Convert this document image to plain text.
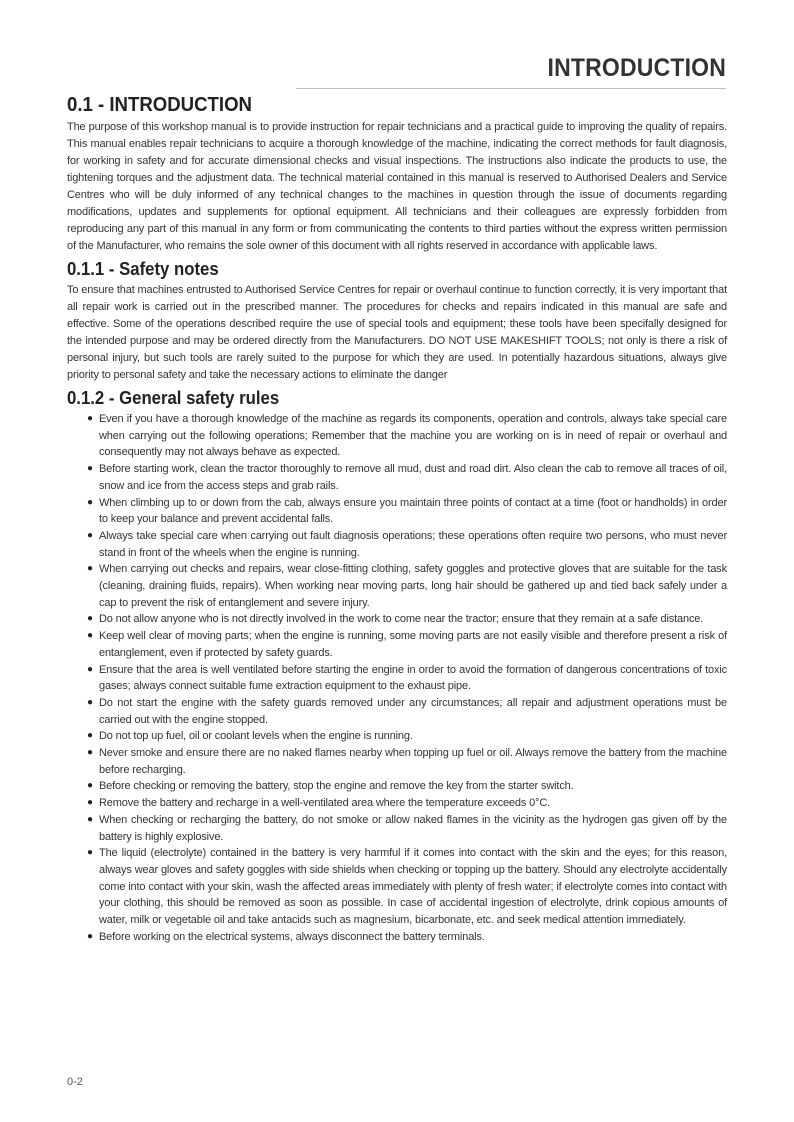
INTRODUCTION
0.1 - INTRODUCTION

The purpose of this workshop manual is to provide instruction for repair technicians and a practical guide to improving the quality of repairs. This manual enables repair technicians to acquire a thorough knowledge of the machine, indicating the correct methods for fault diagnosis, for working in safety and for accurate dimensional checks and visual inspections. The instructions also indicate the products to use, the tightening torques and the adjustment data. The technical material contained in this manual is reserved to Authorised Dealers and Service Centres who will be duly informed of any technical changes to the machines in question through the issue of documents regarding modifications, updates and supplements for optional equipment. All technicians and their colleagues are expressly forbidden from reproducing any part of this manual in any form or from communicating the contents to third parties without the express written permission of the Manufacturer, who remains the sole owner of this document with all rights reserved in accordance with applicable laws.

0.1.1 - Safety notes

To ensure that machines entrusted to Authorised Service Centres for repair or overhaul continue to function correctly, it is very important that all repair work is carried out in the prescribed manner. The procedures for checks and repairs indicated in this manual are safe and effective. Some of the operations described require the use of special tools and equipment; these tools have been specifally designed for the intended purpose and may be ordered directly from the Manufacturers. DO NOT USE MAKESHIFT TOOLS; not only is there a risk of personal injury, but such tools are rarely suited to the purpose for which they are used. In potentially hazardous situations, always give priority to personal safety and take the necessary actions to eliminate the danger

0.1.2 - General safety rules
● Even if you have a thorough knowledge of the machine as regards its components, operation and controls, always take special care when carrying out the following operations; Remember that the machine you are working on is in need of repair or overhaul and consequently may not always behave as expected.
● Before starting work, clean the tractor thoroughly to remove all mud, dust and road dirt. Also clean the cab to remove all traces of oil, snow and ice from the access steps and grab rails.
● When climbing up to or down from the cab, always ensure you maintain three points of contact at a time (foot or handholds) in order to keep your balance and prevent accidental falls.
● Always take special care when carrying out fault diagnosis operations; these operations often require two persons, who must never stand in front of the wheels when the engine is running.
● When carrying out checks and repairs, wear close-fitting clothing, safety goggles and protective gloves that are suitable for the task (cleaning, draining fluids, repairs). When working near moving parts, long hair should be gathered up and tied back safely under a cap to prevent the risk of entanglement and severe injury.
● Do not allow anyone who is not directly involved in the work to come near the tractor; ensure that they remain at a safe distance.
● Keep well clear of moving parts; when the engine is running, some moving parts are not easily visible and therefore present a risk of entanglement, even if protected by safety guards.
● Ensure that the area is well ventilated before starting the engine in order to avoid the formation of dangerous concentrations of toxic gases; always connect suitable fume extraction equipment to the exhaust pipe.
● Do not start the engine with the safety guards removed under any circumstances; all repair and adjustment operations must be carried out with the engine stopped.
● Do not top up fuel, oil or coolant levels when the engine is running.
● Never smoke and ensure there are no naked flames nearby when topping up fuel or oil. Always remove the battery from the machine before recharging.
● Before checking or removing the battery, stop the engine and remove the key from the starter switch.
● Remove the battery and recharge in a well-ventilated area where the temperature exceeds 0°C.
● When checking or recharging the battery, do not smoke or allow naked flames in the vicinity as the hydrogen gas given off by the battery is highly explosive.
● The liquid (electrolyte) contained in the battery is very harmful if it comes into contact with the skin and the eyes; for this reason, always wear gloves and safety goggles with side shields when checking or topping up the battery. Should any electrolyte accidentally come into contact with your skin, wash the affected areas immediately with plenty of fresh water; if electrolyte comes into contact with your clothing, this should be removed as soon as possible. In case of accidental ingestion of electrolyte, drink copious amounts of water, milk or vegetable oil and take antacids such as magnesium, bicarbonate, etc. and seek medical attention immediately.
● Before working on the electrical systems, always disconnect the battery terminals.
0-2
